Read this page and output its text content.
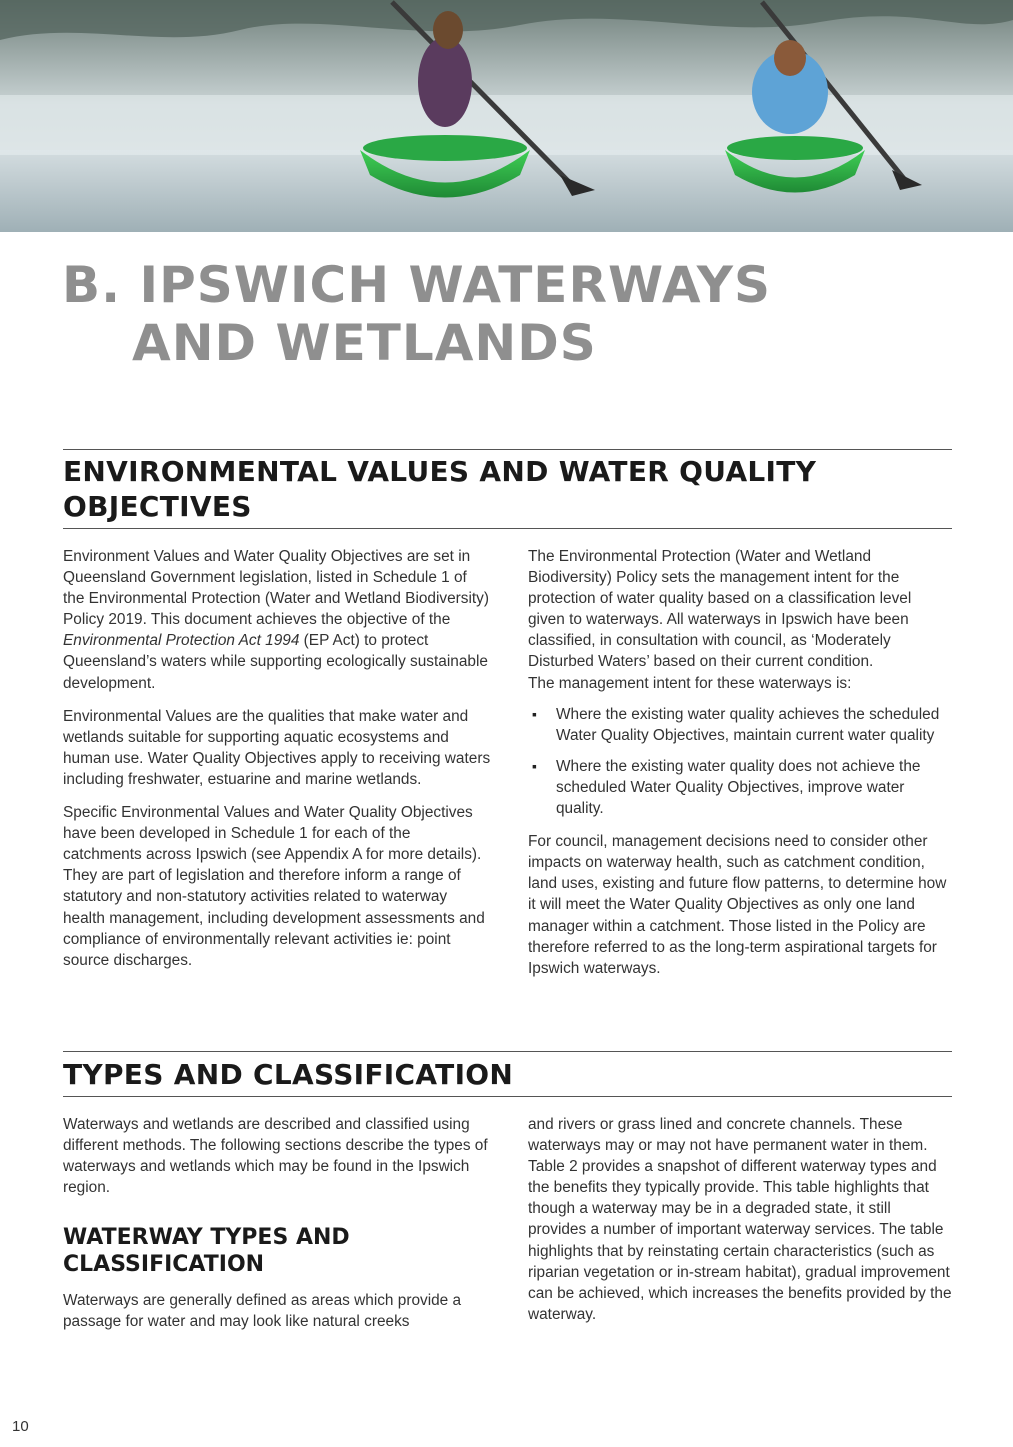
B. IPSWICH WATERWAYS
AND WETLANDS
ENVIRONMENTAL VALUES AND WATER QUALITY
OBJECTIVES

Environment Values and Water Quality Objectives are set in Queensland Government legislation, listed in Schedule 1 of the Environmental Protection (Water and Wetland Biodiversity) Policy 2019. This document achieves the objective of the Environmental Protection Act 1994 (EP Act) to protect Queensland’s waters while supporting ecologically sustainable development.

Environmental Values are the qualities that make water and wetlands suitable for supporting aquatic ecosystems and human use. Water Quality Objectives apply to receiving waters including freshwater, estuarine and marine wetlands.

Specific Environmental Values and Water Quality Objectives have been developed in Schedule 1 for each of the catchments across Ipswich (see Appendix A for more details). They are part of legislation and therefore inform a range of statutory and non-statutory activities related to waterway health management, including development assessments and compliance of environmentally relevant activities ie: point source discharges.

The Environmental Protection (Water and Wetland Biodiversity) Policy sets the management intent for the protection of water quality based on a classification level given to waterways. All waterways in Ipswich have been classified, in consultation with council, as ‘Moderately Disturbed Waters’ based on their current condition.
The management intent for these waterways is:

▪ Where the existing water quality achieves the scheduled Water Quality Objectives, maintain current water quality
▪ Where the existing water quality does not achieve the scheduled Water Quality Objectives, improve water quality.

For council, management decisions need to consider other impacts on waterway health, such as catchment condition, land uses, existing and future flow patterns, to determine how it will meet the Water Quality Objectives as only one land manager within a catchment. Those listed in the Policy are therefore referred to as the long-term aspirational targets for Ipswich waterways.

TYPES AND CLASSIFICATION

Waterways and wetlands are described and classified using different methods. The following sections describe the types of waterways and wetlands which may be found in the Ipswich region.

WATERWAY TYPES AND
CLASSIFICATION

Waterways are generally defined as areas which provide a passage for water and may look like natural creeks

and rivers or grass lined and concrete channels. These waterways may or may not have permanent water in them. Table 2 provides a snapshot of different waterway types and the benefits they typically provide. This table highlights that though a waterway may be in a degraded state, it still provides a number of important waterway services. The table highlights that by reinstating certain characteristics (such as riparian vegetation or in-stream habitat), gradual improvement can be achieved, which increases the benefits provided by the waterway.

10
